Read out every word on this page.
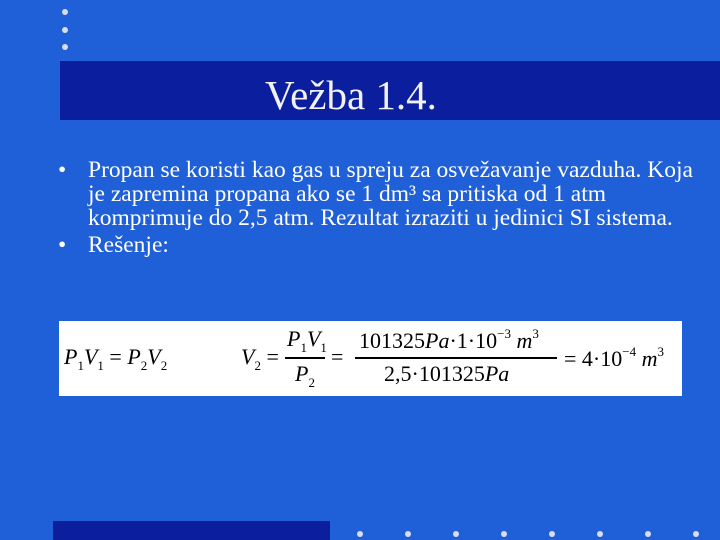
Vežba 1.4.
• Propan se koristi kao gas u spreju za osvežavanje vazduha. Koja je zapremina propana ako se 1 dm³ sa pritiska od 1 atm komprimuje do 2,5 atm. Rezultat izraziti u jedinici SI sistema.
• Rešenje:
$P_1V_1 = P_2V_2$	$V_2$ =
$P_1V_1$
$P_2$
=
$101325Pa\cdot 1\cdot 10^{-3}$ $m^3$
2,5·101325Pa
= $4\cdot 10^{-4}$ $m^3$
